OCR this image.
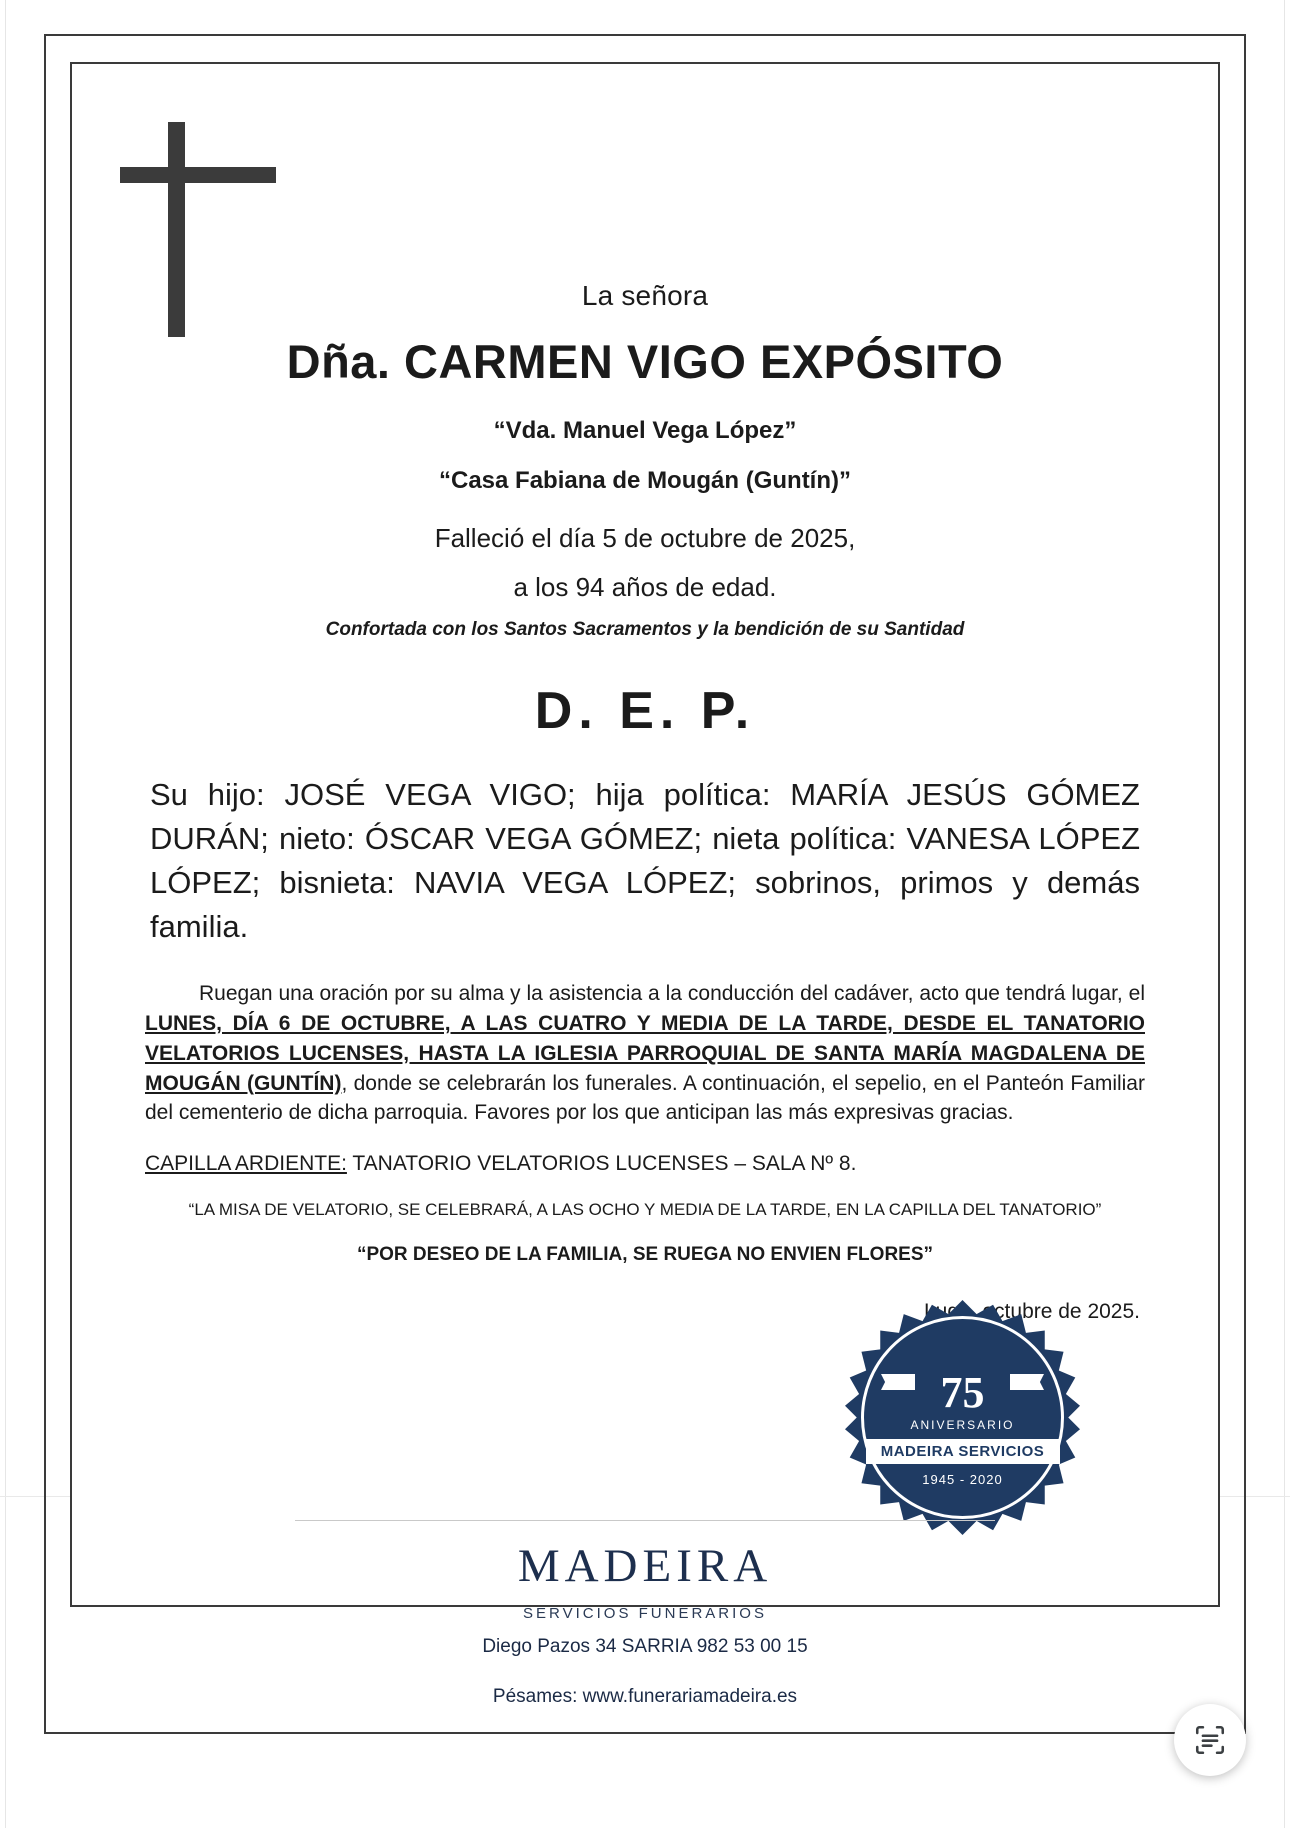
La señora
Dña. CARMEN VIGO EXPÓSITO
“Vda. Manuel Vega López”
“Casa Fabiana de Mougán (Guntín)”
Falleció el día 5 de octubre de 2025,
a los 94 años de edad.
Confortada con los Santos Sacramentos y la bendición de su Santidad
D. E. P.
Su hijo: JOSÉ VEGA VIGO; hija política: MARÍA JESÚS GÓMEZ DURÁN; nieto: ÓSCAR VEGA GÓMEZ; nieta política: VANESA LÓPEZ LÓPEZ; bisnieta: NAVIA VEGA LÓPEZ; sobrinos, primos y demás familia.
Ruegan una oración por su alma y la asistencia a la conducción del cadáver, acto que tendrá lugar, el LUNES, DÍA 6 DE OCTUBRE, A LAS CUATRO Y MEDIA DE LA TARDE, DESDE EL TANATORIO VELATORIOS LUCENSES, HASTA LA IGLESIA PARROQUIAL DE SANTA MARÍA MAGDALENA DE MOUGÁN (GUNTÍN), donde se celebrarán los funerales. A continuación, el sepelio, en el Panteón Familiar del cementerio de dicha parroquia. Favores por los que anticipan las más expresivas gracias.
CAPILLA ARDIENTE: TANATORIO VELATORIOS LUCENSES – SALA Nº 8.
“LA MISA DE VELATORIO, SE CELEBRARÁ, A LAS OCHO Y MEDIA DE LA TARDE, EN LA CAPILLA DEL TANATORIO”
“POR DESEO DE LA FAMILIA, SE RUEGA NO ENVIEN FLORES”
Lugo, octubre de 2025.
75
ANIVERSARIO
MADEIRA SERVICIOS
1945 - 2020
MADEIRA
SERVICIOS FUNERARIOS
Diego Pazos 34 SARRIA 982 53 00 15
Pésames: www.funerariamadeira.es
